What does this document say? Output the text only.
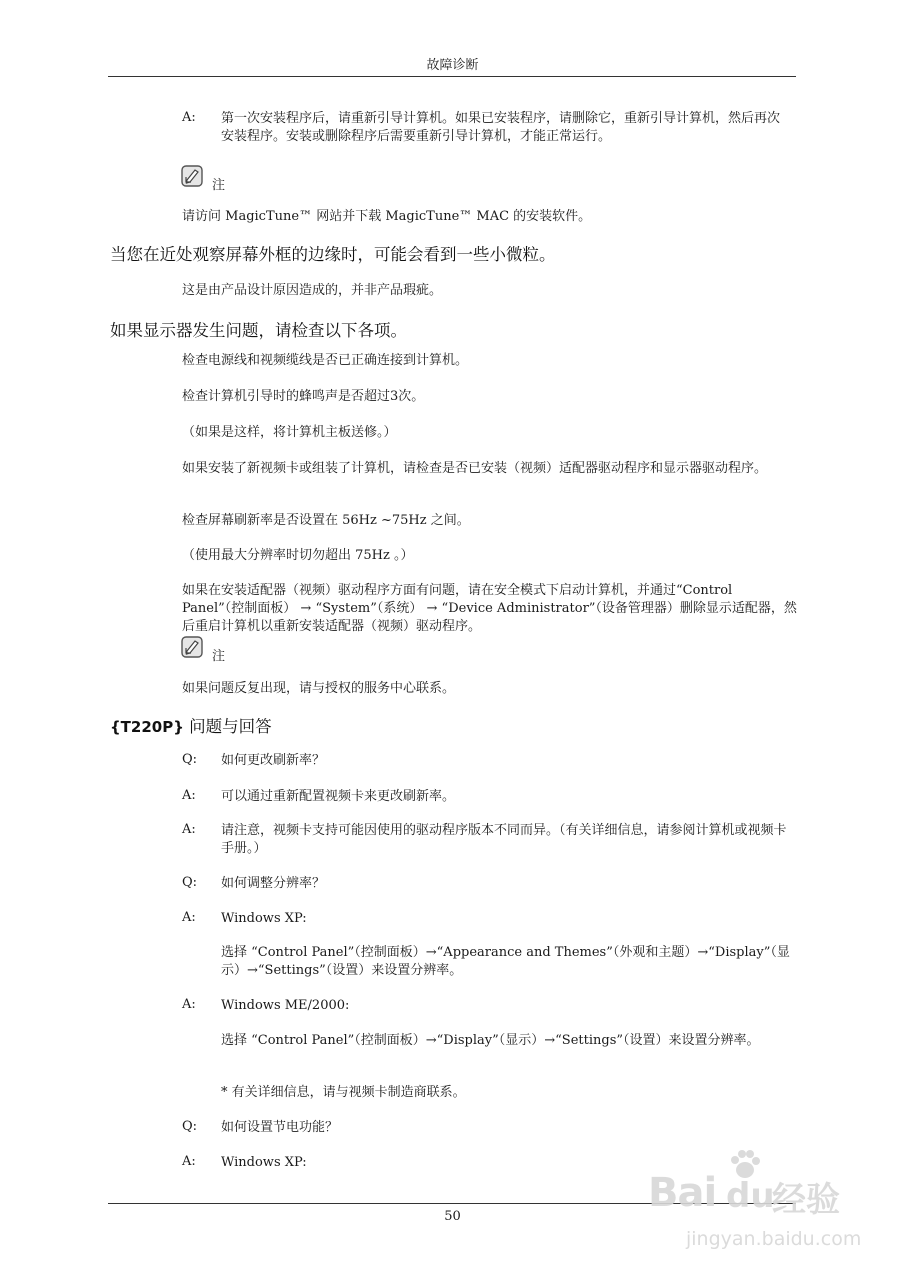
故障诊断
A: 第一次安装程序后，请重新引导计算机。如果已安装程序，请删除它，重新引导计算机，然后再次安装程序。安装或删除程序后需要重新引导计算机，才能正常运行。
注
请访问 MagicTune™ 网站并下载 MagicTune™ MAC 的安装软件。
当您在近处观察屏幕外框的边缘时，可能会看到一些小微粒。
这是由产品设计原因造成的，并非产品瑕疵。
如果显示器发生问题，请检查以下各项。
检查电源线和视频缆线是否已正确连接到计算机。
检查计算机引导时的蜂鸣声是否超过3次。
（如果是这样，将计算机主板送修。）
如果安装了新视频卡或组装了计算机，请检查是否已安装（视频）适配器驱动程序和显示器驱动程序。
检查屏幕刷新率是否设置在 56Hz ~75Hz 之间。
（使用最大分辨率时切勿超出 75Hz 。）
如果在安装适配器（视频）驱动程序方面有问题，请在安全模式下启动计算机，并通过“Control Panel”（控制面板） → “System”（系统） → “Device Administrator”（设备管理器）删除显示适配器，然后重启计算机以重新安装适配器（视频）驱动程序。
注
如果问题反复出现，请与授权的服务中心联系。
{T220P} 问题与回答
Q: 如何更改刷新率？
A: 可以通过重新配置视频卡来更改刷新率。
A: 请注意，视频卡支持可能因使用的驱动程序版本不同而异。（有关详细信息，请参阅计算机或视频卡手册。）
Q: 如何调整分辨率？
A: Windows XP:
选择 “Control Panel”（控制面板）→“Appearance and Themes”（外观和主题）→“Display”（显示）→“Settings”（设置）来设置分辨率。
A: Windows ME/2000:
选择 “Control Panel”（控制面板）→“Display”（显示）→“Settings”（设置）来设置分辨率。
* 有关详细信息，请与视频卡制造商联系。
Q: 如何设置节电功能？
A: Windows XP:
50
Bai du
经验
jingyan.baidu.com
